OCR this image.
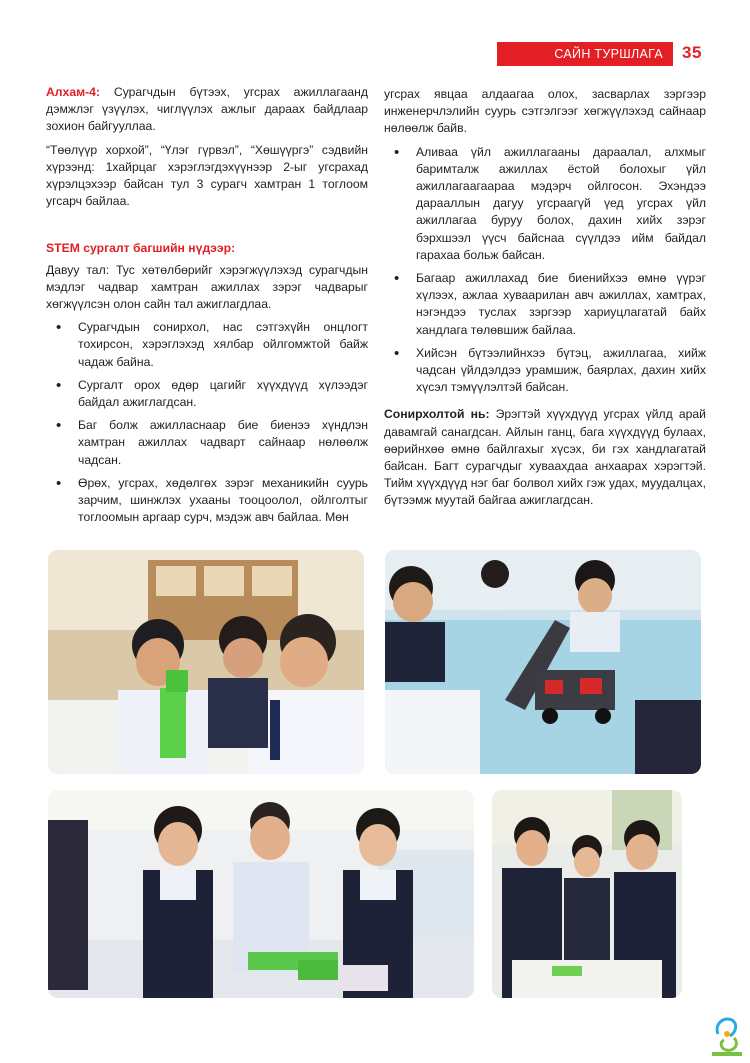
САЙН ТУРШЛАГА 35

Алхам-4: Сурагчдын бүтээх, угсрах ажиллагаанд дэмжлэг үзүүлэх, чиглүүлэх ажлыг дараах байдлаар зохион байгууллаа.

“Төөлүүр хорхой”, “Үлэг гүрвэл”, “Хөшүүргэ” сэдвийн хүрээнд: 1хайрцаг хэрэглэгдэхүүнээр 2-ыг угсрахад хүрэлцэхээр байсан тул 3 сурагч хамтран 1 тоглоом угсарч байлаа.

STEM сургалт багшийн нүдээр:

Давуу тал: Тус хөтөлбөрийг хэрэгжүүлэхэд сурагчдын мэдлэг чадвар хамтран ажиллах зэрэг чадварыг хөгжүүлсэн олон сайн тал ажиглагдлаа.

• Сурагчдын сонирхол, нас сэтгэхүйн онцлогт тохирсон, хэрэглэхэд хялбар ойлгомжтой байж чадаж байна.
• Сургалт орох өдөр цагийг хүүхдүүд хүлээдэг байдал ажиглагдсан.
• Баг болж ажилласнаар бие биенээ хүндлэн хамтран ажиллах чадварт сайнаар нөлөөлж чадсан.
• Өрөх, угсрах, хөдөлгөх зэрэг механикийн суурь зарчим, шинжлэх ухааны тооцоолол, ойлголтыг тоглоомын аргаар сурч, мэдэж авч байлаа. Мөн

угсрах явцаа алдаагаа олох, засварлах зэргээр инженерчлэлийн суурь сэтгэлгээг хөгжүүлэхэд сайнаар нөлөөлж байв.

• Аливаа үйл ажиллагааны дараалал, алхмыг баримталж ажиллах ёстой болохыг үйл ажиллагаагаараа мэдэрч ойлгосон. Эхэндээ дарааллын дагуу угсраагүй үед угсрах үйл ажиллагаа буруу болох, дахин хийх зэрэг бэрхшээл үүсч байснаа сүүлдээ ийм байдал гарахаа больж байсан.
• Багаар ажиллахад бие биенийхээ өмнө үүрэг хүлээх, ажлаа хуваарилан авч ажиллах, хамтрах, нэгэндээ туслах зэргээр хариуцлагатай байх хандлага төлөвшиж байлаа.
• Хийсэн бүтээлийнхээ бүтэц, ажиллагаа, хийж чадсан үйлдэлдээ урамшиж, баярлах, дахин хийх хүсэл тэмүүлэлтэй байсан.

Сонирхолтой нь: Эрэгтэй хүүхдүүд угсрах үйлд арай давамгай санагдсан. Айлын ганц, бага хүүхдүүд булаах, өөрийнхөө өмнө байлгахыг хүсэх, би гэх хандлагатай байсан. Багт сурагчдыг хуваахдаа анхаарах хэрэгтэй. Тийм хүүхдүүд нэг баг болвол хийх гэж удах, муудалцах, бүтээмж муутай байгаа ажиглагдсан.
